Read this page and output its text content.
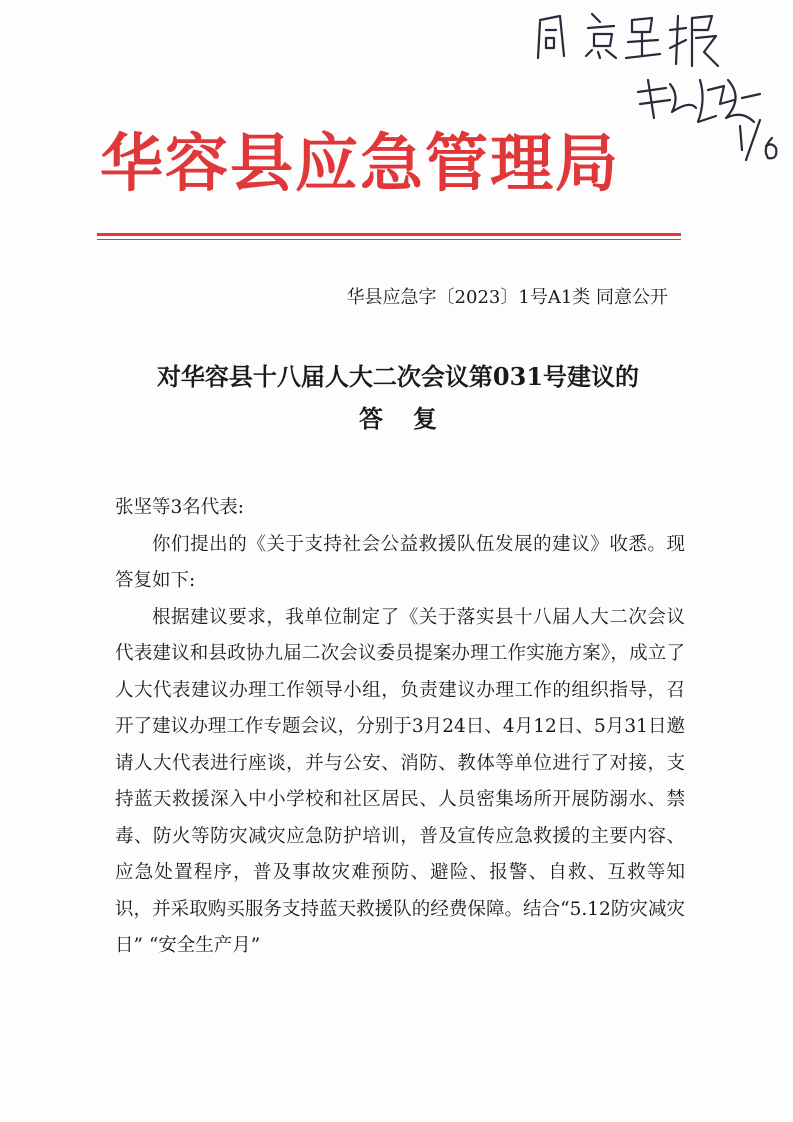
华容县应急管理局
华县应急字〔2023〕1号A1类 同意公开
对华容县十八届人大二次会议第031号建议的
答复

张坚等3名代表:

你们提出的《关于支持社会公益救援队伍发展的建议》收悉。现答复如下:

根据建议要求，我单位制定了《关于落实县十八届人大二次会议代表建议和县政协九届二次会议委员提案办理工作实施方案》，成立了人大代表建议办理工作领导小组，负责建议办理工作的组织指导，召开了建议办理工作专题会议，分别于3月24日、4月12日、5月31日邀请人大代表进行座谈，并与公安、消防、教体等单位进行了对接，支持蓝天救援深入中小学校和社区居民、人员密集场所开展防溺水、禁毒、防火等防灾减灾应急防护培训，普及宣传应急救援的主要内容、应急处置程序，普及事故灾难预防、避险、报警、自救、互救等知识，并采取购买服务支持蓝天救援队的经费保障。结合“5.12防灾减灾日” “安全生产月”
